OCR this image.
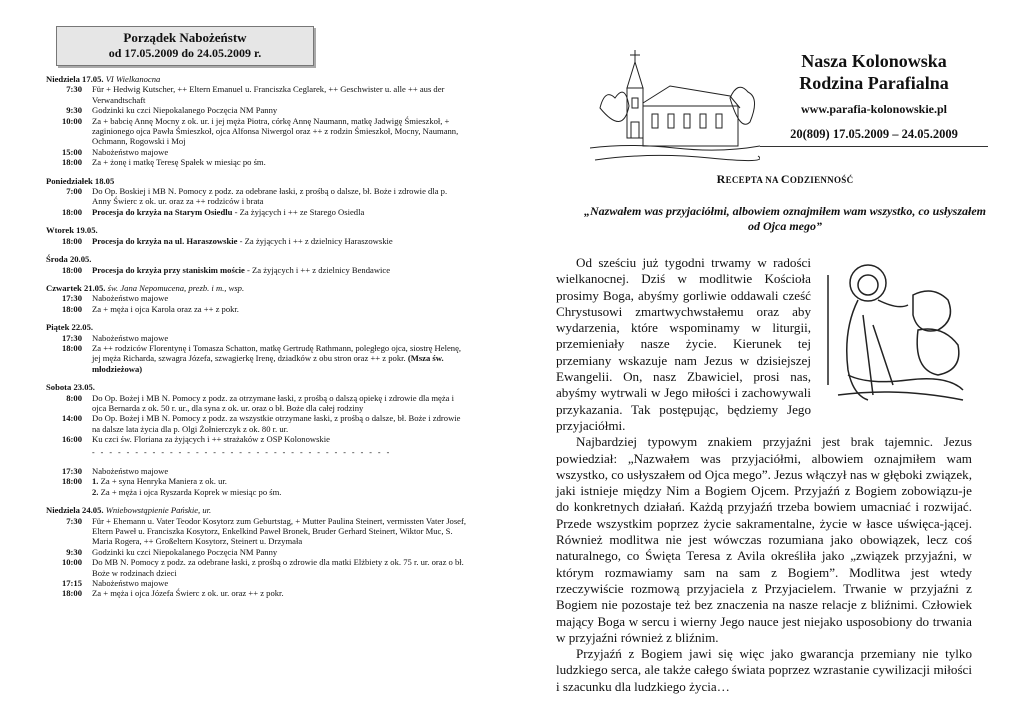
Porządek Nabożeństw
od 17.05.2009 do 24.05.2009 r.
Niedziela 17.05. VI Wielkanocna
7:30	Für + Hedwig Kutscher, ++ Eltern Emanuel u. Franciszka Ceglarek, ++ Geschwister u. alle ++ aus der Verwandtschaft
9:30	Godzinki ku czci Niepokalanego Poczęcia NM Panny
10:00	Za + babcię Annę Mocny z ok. ur. i jej męża Piotra, córkę Annę Naumann, matkę Jadwigę Śmieszkoł, + zaginionego ojca Pawła Śmieszkoł, ojca Alfonsa Niwergol oraz ++ z rodzin Śmieszkoł, Mocny, Naumann, Ochmann, Rogowski i Moj
15:00	Nabożeństwo majowe
18:00	Za + żonę i matkę Teresę Spałek w miesiąc po śm.
Poniedziałek 18.05
7:00	Do Op. Boskiej i MB N. Pomocy z podz. za odebrane łaski, z prośbą o dalsze, bł. Boże i zdrowie dla p. Anny Świerc z ok. ur. oraz za ++ rodziców i brata
18:00	Procesja do krzyża na Starym Osiedlu - Za żyjących i ++ ze Starego Osiedla
Wtorek 19.05.
18:00	Procesja do krzyża na ul. Haraszowskie - Za żyjących i ++ z dzielnicy Haraszowskie
Środa 20.05.
18:00	Procesja do krzyża przy staniskim moście - Za żyjących i ++ z dzielnicy Bendawice
Czwartek 21.05. św. Jana Nepomucena, prezb. i m., wsp.
17:30	Nabożeństwo majowe
18:00	Za + męża i ojca Karola oraz za ++ z pokr.
Piątek 22.05.
17:30	Nabożeństwo majowe
18:00	Za ++ rodziców Florentynę i Tomasza Schatton, matkę Gertrudę Rathmann, poległego ojca, siostrę Helenę, jej męża Richarda, szwagra Józefa, szwagierkę Irenę, dziadków z obu stron oraz ++ z pokr. (Msza św. młodzieżowa)
Sobota 23.05.
8:00	Do Op. Bożej i MB N. Pomocy z podz. za otrzymane łaski, z prośbą o dalszą opiekę i zdrowie dla męża i ojca Bernarda z ok. 50 r. ur., dla syna z ok. ur. oraz o bł. Boże dla całej rodziny
14:00	Do Op. Bożej i MB N. Pomocy z podz. za wszystkie otrzymane łaski, z prośbą o dalsze, bł. Boże i zdrowie na dalsze lata życia dla p. Olgi Żołnierczyk z ok. 80 r. ur.
16:00	Ku czci św. Floriana za żyjących i ++ strażaków z OSP Kolonowskie
- - - - - - - - - - - - - - - - - - - - - - - - - - - - - - - - - - -
17:30	Nabożeństwo majowe
18:00	1. Za + syna Henryka Maniera z ok. ur.
2. Za + męża i ojca Ryszarda Koprek w miesiąc po śm.
Niedziela 24.05. Wniebowstąpienie Pańskie, ur.
7:30	Für + Ehemann u. Vater Teodor Kosytorz zum Geburtstag, + Mutter Paulina Steinert, vermissten Vater Josef, Eltern Paweł u. Franciszka Kosytorz, Enkelkind Paweł Bronek, Bruder Gerhard Steinert, Wiktor Muc, S. Maria Rogera, ++ Großeltern Kosytorz, Steinert u. Drzymała
9:30	Godzinki ku czci Niepokalanego Poczęcia NM Panny
10:00	Do MB N. Pomocy z podz. za odebrane łaski, z prośbą o zdrowie dla matki Elżbiety z ok. 75 r. ur. oraz o bł. Boże w rodzinach dzieci
17:15	Nabożeństwo majowe
18:00	Za + męża i ojca Józefa Świerc z ok. ur. oraz ++ z pokr.
Nasza Kolonowska
Rodzina Parafialna
www.parafia-kolonowskie.pl
20(809) 17.05.2009 – 24.05.2009
RECEPTA NA CODZIENNOŚĆ
„Nazwałem was przyjaciółmi, albowiem oznajmiłem wam wszystko, co usłyszałem od Ojca mego”

Od sześciu już tygodni trwamy w radości wielkanocnej. Dziś w modlitwie Kościoła prosimy Boga, abyśmy gorliwie oddawali cześć Chrystusowi zmartwychwstałemu oraz aby wydarzenia, które wspominamy w liturgii, przemieniały nasze życie. Kierunek tej przemiany wskazuje nam Jezus w dzisiejszej Ewangelii. On, nasz Zbawiciel, prosi nas, abyśmy wytrwali w Jego miłości i zachowywali przykazania. Tak postępując, będziemy Jego przyjaciółmi.

Najbardziej typowym znakiem przyjaźni jest brak tajemnic. Jezus powiedział: „Nazwałem was przyjaciółmi, albowiem oznajmiłem wam wszystko, co usłyszałem od Ojca mego”. Jezus włączył nas w głęboki związek, jaki istnieje między Nim a Bogiem Ojcem. Przyjaźń z Bogiem zobowiązu-je do konkretnych działań. Każdą przyjaźń trzeba bowiem umacniać i rozwijać. Przede wszystkim poprzez życie sakramentalne, życie w łasce uświęca-jącej. Również modlitwa nie jest wówczas rozumiana jako obowiązek, lecz coś naturalnego, co Święta Teresa z Avila określiła jako „związek przyjaźni, w którym rozmawiamy sam na sam z Bogiem”. Modlitwa jest wtedy rzeczywiście rozmową przyjaciela z Przyjacielem. Trwanie w przyjaźni z Bogiem nie pozostaje też bez znaczenia na nasze relacje z bliźnimi. Człowiek mający Boga w sercu i wierny Jego nauce jest niejako usposobiony do trwania w przyjaźni również z bliźnim.

Przyjaźń z Bogiem jawi się więc jako gwarancja przemiany nie tylko ludzkiego serca, ale także całego świata poprzez wzrastanie cywilizacji miłości i szacunku dla ludzkiego życia…
